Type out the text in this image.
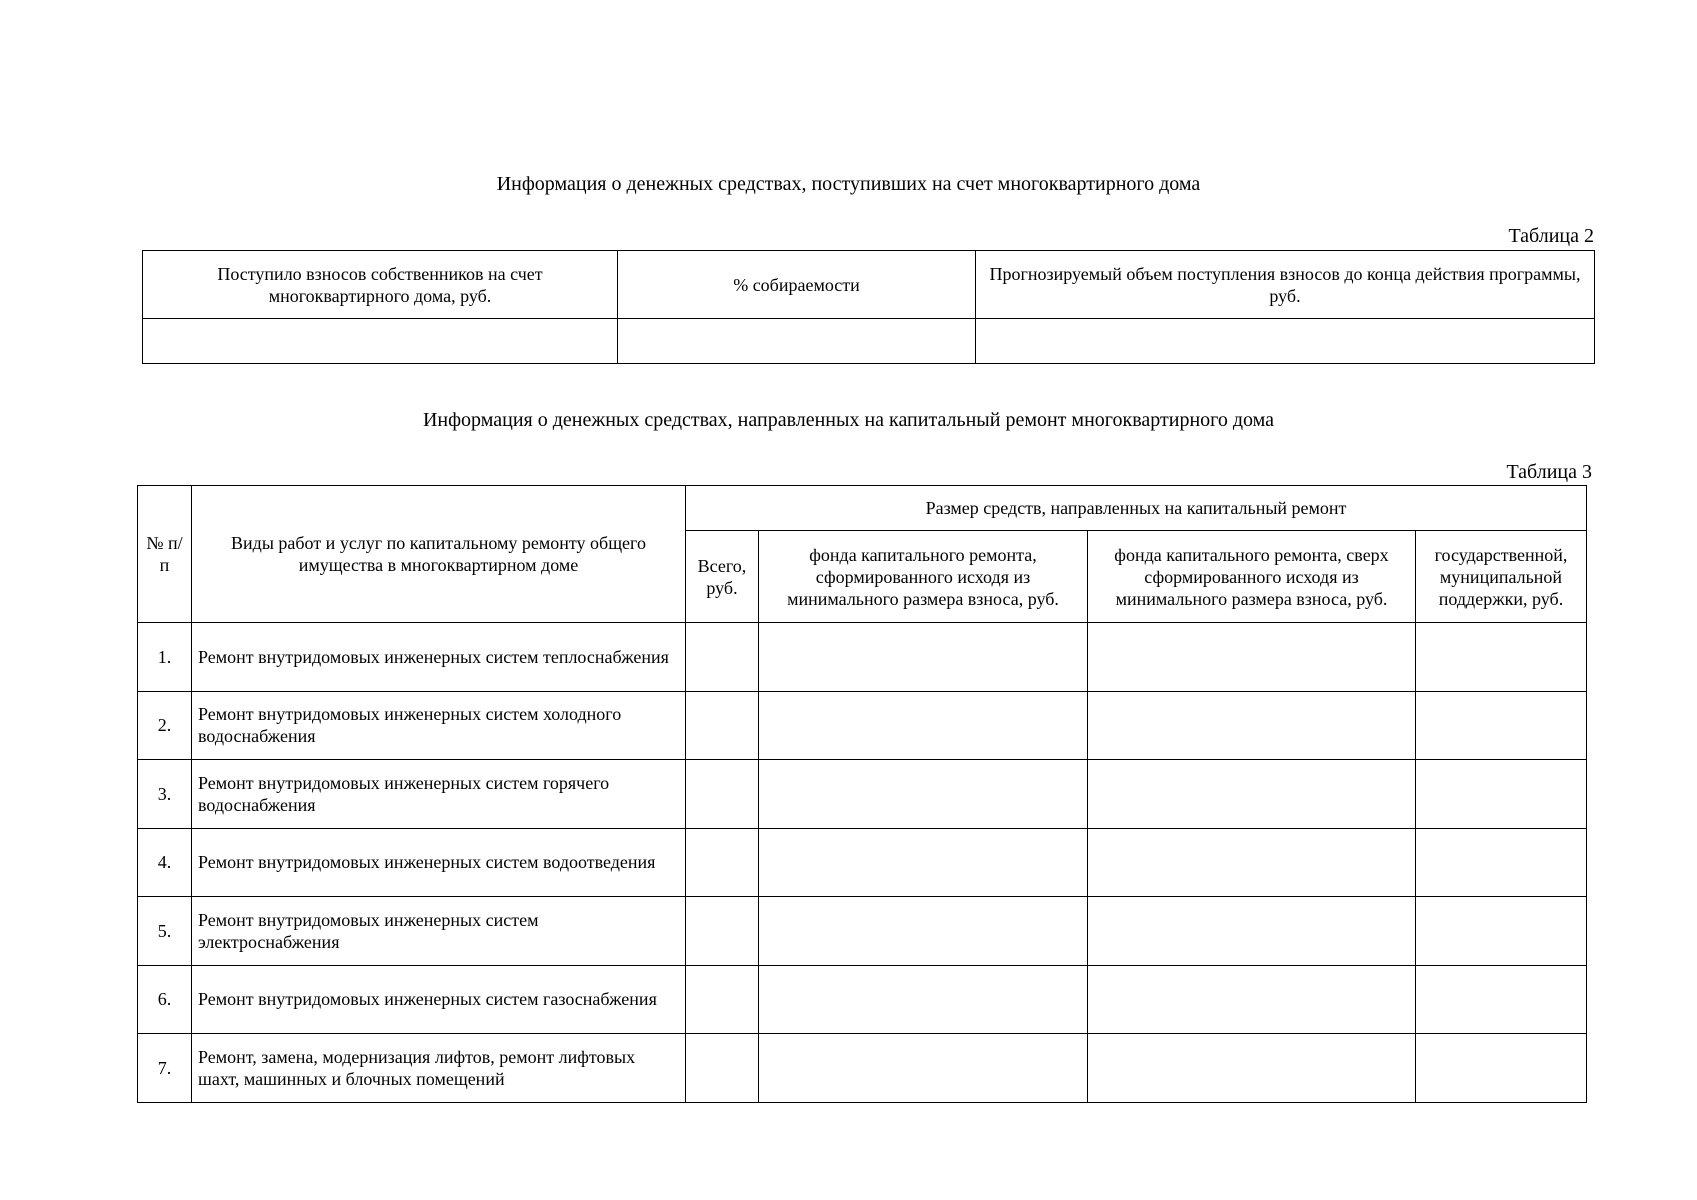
Информация о денежных средствах, поступивших на счет многоквартирного дома
Таблица 2
Поступило взносов собственников на счет многоквартирного дома, руб.	% собираемости	Прогнозируемый объем поступления взносов до конца действия программы, руб.

Информация о денежных средствах, направленных на капитальный ремонт многоквартирного дома
Таблица 3
№ п/п	Виды работ и услуг по капитальному ремонту общего имущества в многоквартирном доме	Размер средств, направленных на капитальный ремонт			
		Всего, руб.	фонда капитального ремонта, сформированного исходя из минимального размера взноса, руб.	фонда капитального ремонта, сверх сформированного исходя из минимального размера взноса, руб.	государственной, муниципальной поддержки, руб.
1.	Ремонт внутридомовых инженерных систем теплоснабжения				
2.	Ремонт внутридомовых инженерных систем холодного водоснабжения				
3.	Ремонт внутридомовых инженерных систем горячего водоснабжения				
4.	Ремонт внутридомовых инженерных систем водоотведения				
5.	Ремонт внутридомовых инженерных систем электроснабжения				
6.	Ремонт внутридомовых инженерных систем газоснабжения				
7.	Ремонт, замена, модернизация лифтов, ремонт лифтовых шахт, машинных и блочных помещений				
